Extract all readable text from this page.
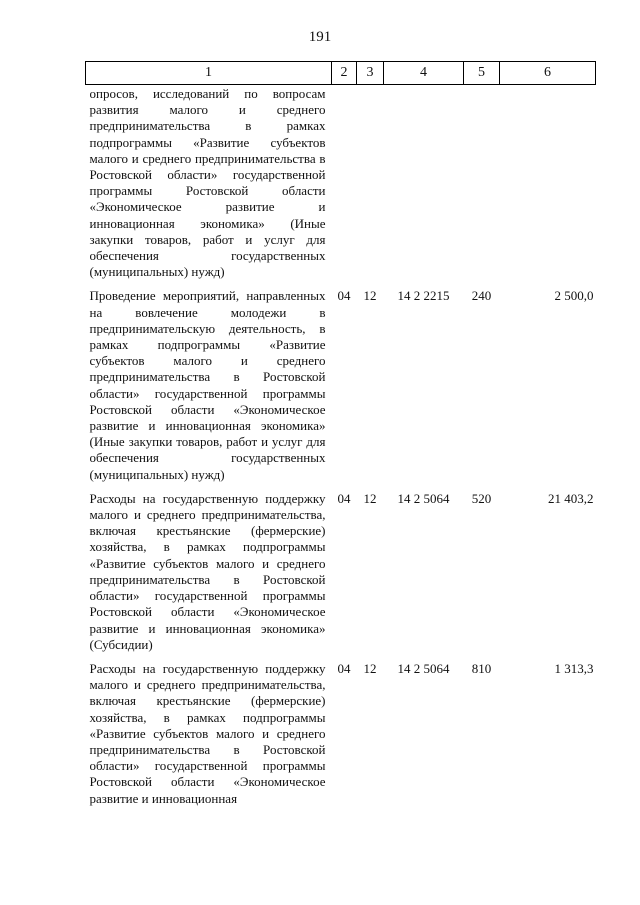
191
1	2	3	4	5	6
опросов, исследований по вопросам развития малого и среднего предпринимательства в рамках подпрограммы «Развитие субъектов малого и среднего предпринимательства в Ростовской области» государственной программы Ростовской области «Экономическое развитие и инновационная экономика» (Иные закупки товаров, работ и услуг для обеспечения государственных (муниципальных) нужд)					
Проведение мероприятий, направленных на вовлечение молодежи в предпринимательскую деятельность, в рамках подпрограммы «Развитие субъектов малого и среднего предпринимательства в Ростовской области» государственной программы Ростовской области «Экономическое развитие и инновационная экономика» (Иные закупки товаров, работ и услуг для обеспечения государственных (муниципальных) нужд)	04	12	14 2 2215	240	2 500,0
Расходы на государственную поддержку малого и среднего предпринимательства, включая крестьянские (фермерские) хозяйства, в рамках подпрограммы «Развитие субъектов малого и среднего предпринимательства в Ростовской области» государственной программы Ростовской области «Экономическое развитие и инновационная экономика» (Субсидии)	04	12	14 2 5064	520	21 403,2
Расходы на государственную поддержку малого и среднего предпринимательства, включая крестьянские (фермерские) хозяйства, в рамках подпрограммы «Развитие субъектов малого и среднего предпринимательства в Ростовской области» государственной программы Ростовской области «Экономическое развитие и инновационная	04	12	14 2 5064	810	1 313,3
